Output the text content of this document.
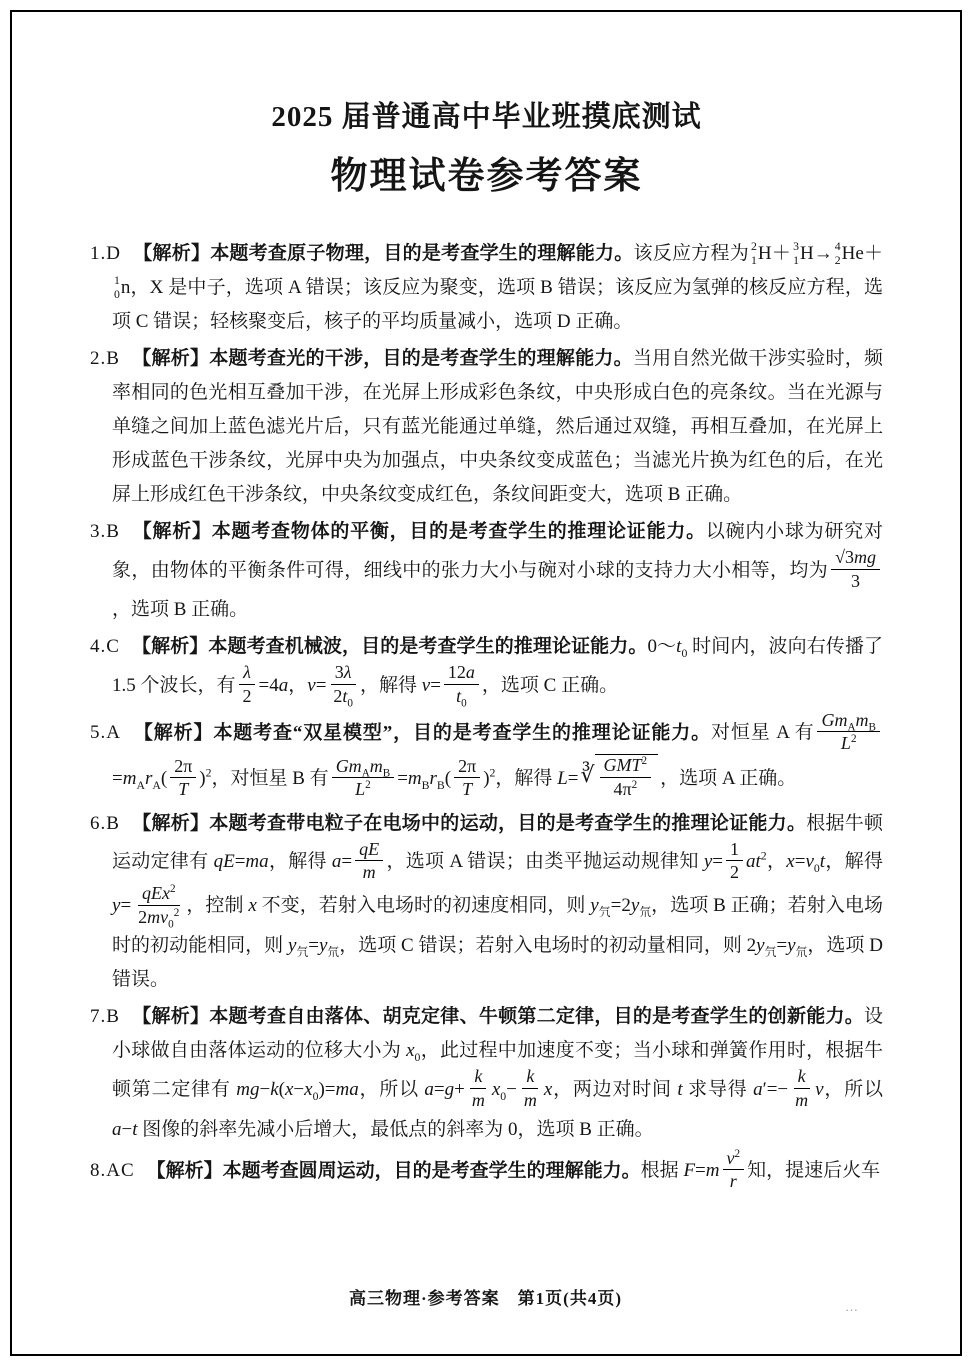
2025 届普通高中毕业班摸底测试
物理试卷参考答案

1.D 【解析】本题考查原子物理，目的是考查学生的理解能力。该反应方程为 2
1 H＋ 3
1 H→ 4
2 He＋
1
0 n，X 是中子，选项 A 错误；该反应为聚变，选项 B 错误；该反应为氢弹的核反应方程，选项 C 错误；轻核聚变后，核子的平均质量减小，选项 D 正确。

2.B 【解析】本题考查光的干涉，目的是考查学生的理解能力。当用自然光做干涉实验时，频率相同的色光相互叠加干涉，在光屏上形成彩色条纹，中央形成白色的亮条纹。当在光源与单缝之间加上蓝色滤光片后，只有蓝光能通过单缝，然后通过双缝，再相互叠加，在光屏上形成蓝色干涉条纹，光屏中央为加强点，中央条纹变成蓝色；当滤光片换为红色的后，在光屏上形成红色干涉条纹，中央条纹变成红色，条纹间距变大，选项 B 正确。

3.B 【解析】本题考查物体的平衡，目的是考查学生的推理论证能力。以碗内小球为研究对象，由物体的平衡条件可得，细线中的张力大小与碗对小球的支持力大小相等，均为 $\frac{√3mg}{3}$
，选项 B 正确。

4.C 【解析】本题考查机械波，目的是考查学生的推理论证能力。$0\sim t_0$ 时间内，波向右传播了 1.5 个波长，有 $\frac{\lambda}{2} =4a$，$v= \frac{3\lambda}{2t_0}$ ，解得 $v= \frac{12a}{t_0}$ ，选项 C 正确。

5.A 【解析】本题考查“双星模型”，目的是考查学生的推理论证能力。对恒星 A 有 $\frac{Gm_Am_B}{L^2}$
$=m_Ar_A( \frac{2\pi}{T} )^2$，对恒星 B 有 $\frac{Gm_Am_B}{L^2} =m_Br_B( \frac{2\pi}{T} )^2$，解得 L= ∛ $\frac{GMT^2}{4\pi^2}$ ，选项 A 正确。

6.B 【解析】本题考查带电粒子在电场中的运动，目的是考查学生的推理论证能力。根据牛顿运动定律有 qE=ma，解得 $a= \frac{qE}{m}$ ，选项 A 错误；由类平抛运动规律知 $y= \frac{1}{2} at^2$，$x=v_0t$，解得 $y= \frac{qEx^2}{2mv_0^2}$ ，控制 x 不变，若射入电场时的初速度相同，则 $y_氕=2y_氘$，选项 B 正确；若射入电场时的初动能相同，则 $y_氕=y_氘$，选项 C 错误；若射入电场时的初动量相同，则 $2y_氕=y_氘$，选项 D 错误。

7.B 【解析】本题考查自由落体、胡克定律、牛顿第二定律，目的是考查学生的创新能力。设小球做自由落体运动的位移大小为 $x_0$，此过程中加速度不变；当小球和弹簧作用时，根据牛顿第二定律有 $mg-k(x-x_0)=ma$，所以 $a=g+ \frac{k}{m} x_0- \frac{k}{m}$ x，两边对时间 t 求导得 $a'=- \frac{k}{m}$ v，所以 a−t 图像的斜率先减小后增大，最低点的斜率为 0，选项 B 正确。

8.AC 【解析】本题考查圆周运动，目的是考查学生的理解能力。根据 $F=m \frac{v^2}{r}$ 知，提速后火车

高三物理·参考答案　第1页(共4页)	…
